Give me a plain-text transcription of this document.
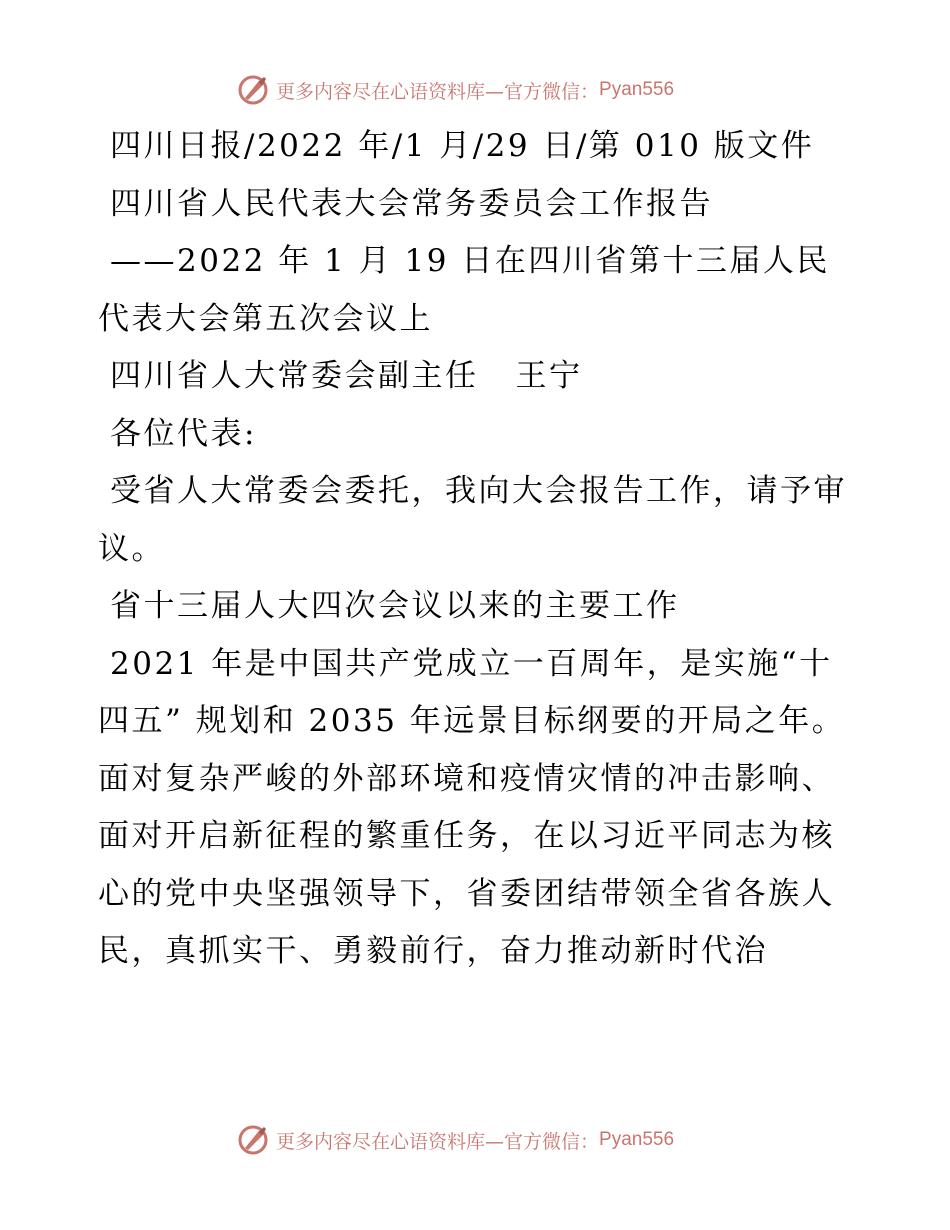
更多内容尽在心语资料库—官方微信： Pyan556

四川日报/2022 年/1 月/29 日/第 010 版文件

四川省人民代表大会常务委员会工作报告

——2022 年 1 月 19 日在四川省第十三届人民代表大会第五次会议上

四川省人大常委会副主任   王宁

各位代表:

受省人大常委会委托，我向大会报告工作，请予审议。

省十三届人大四次会议以来的主要工作

2021 年是中国共产党成立一百周年，是实施“十四五” 规划和 2035 年远景目标纲要的开局之年。面对复杂严峻的外部环境和疫情灾情的冲击影响、面对开启新征程的繁重任务，在以习近平同志为核心的党中央坚强领导下，省委团结带领全省各族人民，真抓实干、勇毅前行，奋力推动新时代治

更多内容尽在心语资料库—官方微信： Pyan556
